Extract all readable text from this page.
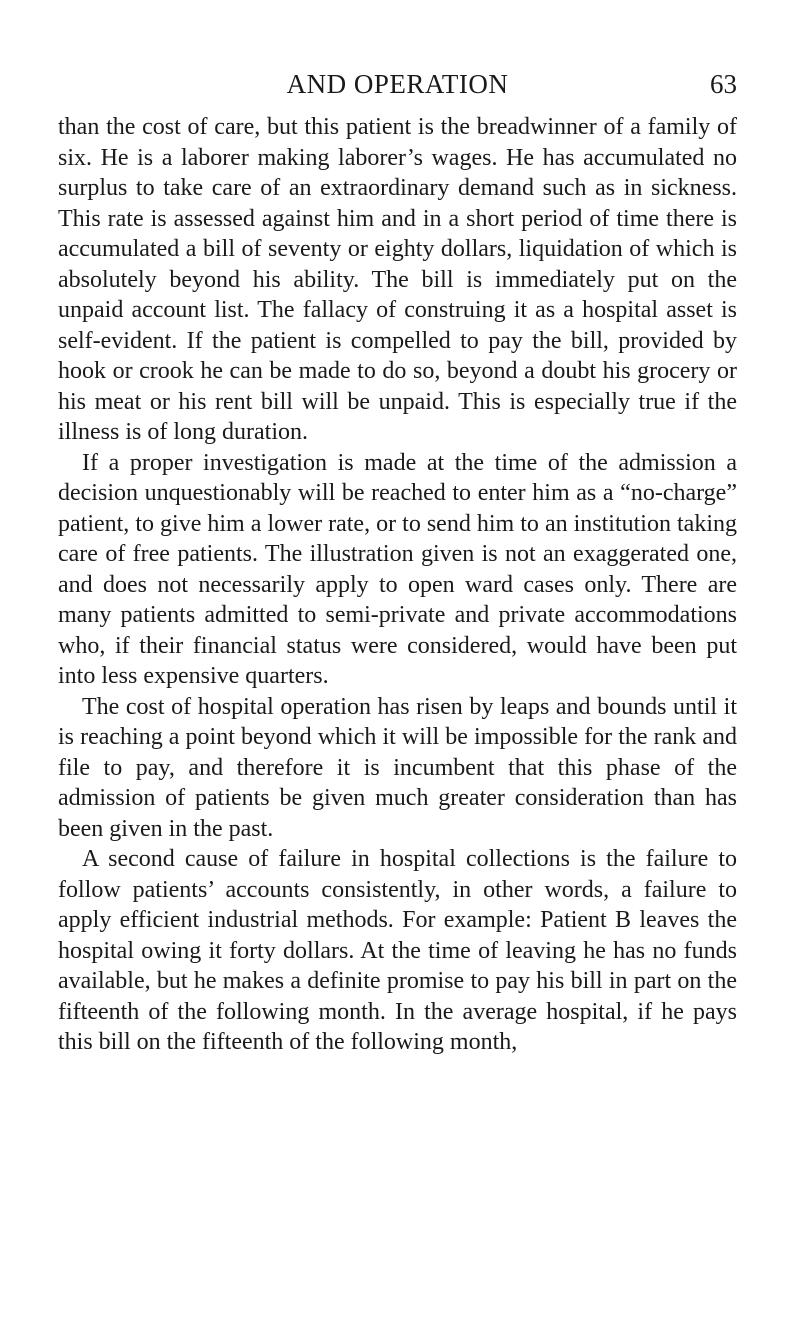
AND OPERATION	63

than the cost of care, but this patient is the breadwinner of a family of six. He is a laborer making laborer’s wages. He has accumulated no surplus to take care of an extraordinary demand such as in sickness. This rate is assessed against him and in a short period of time there is accumulated a bill of seventy or eighty dollars, liquidation of which is absolutely beyond his ability. The bill is immediately put on the unpaid account list. The fallacy of construing it as a hospital asset is self-evident. If the patient is compelled to pay the bill, provided by hook or crook he can be made to do so, beyond a doubt his grocery or his meat or his rent bill will be unpaid. This is especially true if the illness is of long duration.

If a proper investigation is made at the time of the admission a decision unquestionably will be reached to enter him as a “no-charge” patient, to give him a lower rate, or to send him to an institution taking care of free patients. The illustration given is not an exaggerated one, and does not necessarily apply to open ward cases only. There are many patients admitted to semi-private and private accommodations who, if their financial status were considered, would have been put into less expensive quarters.

The cost of hospital operation has risen by leaps and bounds until it is reaching a point beyond which it will be impossible for the rank and file to pay, and therefore it is incumbent that this phase of the admission of patients be given much greater consideration than has been given in the past.

A second cause of failure in hospital collections is the failure to follow patients’ accounts consistently, in other words, a failure to apply efficient industrial methods. For example: Patient B leaves the hospital owing it forty dollars. At the time of leaving he has no funds available, but he makes a definite promise to pay his bill in part on the fifteenth of the following month. In the average hospital, if he pays this bill on the fifteenth of the following month,
